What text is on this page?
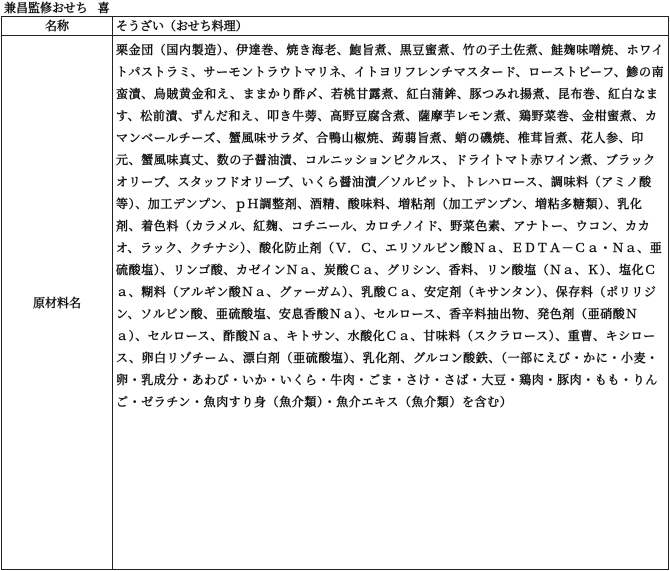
兼昌監修おせち 喜
名称	そうざい（おせち料理）
原材料名	栗金団（国内製造）、伊達巻、焼き海老、鮑旨煮、黒豆蜜煮、竹の子土佐煮、鮭麹味噌焼、ホワイトパストラミ、サーモントラウトマリネ、イトヨリフレンチマスタード、ローストビーフ、鯵の南蛮漬、烏賊黄金和え、ままかり酢〆、若桃甘露煮、紅白蒲鉾、豚つみれ揚煮、昆布巻、紅白なます、松前漬、ずんだ和え、叩き牛蒡、高野豆腐含煮、薩摩芋レモン煮、鶏野菜巻、金柑蜜煮、カマンベールチーズ、蟹風味サラダ、合鴨山椒焼、蒟蒻旨煮、蛸の磯焼、椎茸旨煮、花人参、印元、蟹風味真丈、数の子醤油漬、コルニッションピクルス、ドライトマト赤ワイン煮、ブラックオリーブ、スタッフドオリーブ、いくら醤油漬／ソルビット、トレハロース、調味料（アミノ酸等）、加工デンプン、ｐＨ調整剤、酒精、酸味料、増粘剤（加工デンプン、増粘多糖類）、乳化剤、着色料（カラメル、紅麹、コチニール、カロチノイド、野菜色素、アナトー、ウコン、カカオ、ラック、クチナシ）、酸化防止剤（Ｖ．Ｃ、エリソルビン酸Ｎａ、ＥＤＴＡ－Ｃａ・Ｎａ、亜硫酸塩）、リンゴ酸、カゼインＮａ、炭酸Ｃａ、グリシン、香料、リン酸塩（Ｎａ、Ｋ）、塩化Ｃａ、糊料（アルギン酸Ｎａ、グァーガム）、乳酸Ｃａ、安定剤（キサンタン）、保存料（ポリリジン、ソルビン酸、亜硫酸塩、安息香酸Ｎａ）、セルロース、香辛料抽出物、発色剤（亜硝酸Ｎａ）、セルロース、酢酸Ｎａ、キトサン、水酸化Ｃａ、甘味料（スクラロース）、重曹、キシロース、卵白リゾチーム、漂白剤（亜硫酸塩）、乳化剤、グルコン酸鉄、（一部にえび・かに・小麦・卵・乳成分・あわび・いか・いくら・牛肉・ごま・さけ・さば・大豆・鶏肉・豚肉・もも・りんご・ゼラチン・魚肉すり身（魚介類）・魚介エキス（魚介類）を含む）
